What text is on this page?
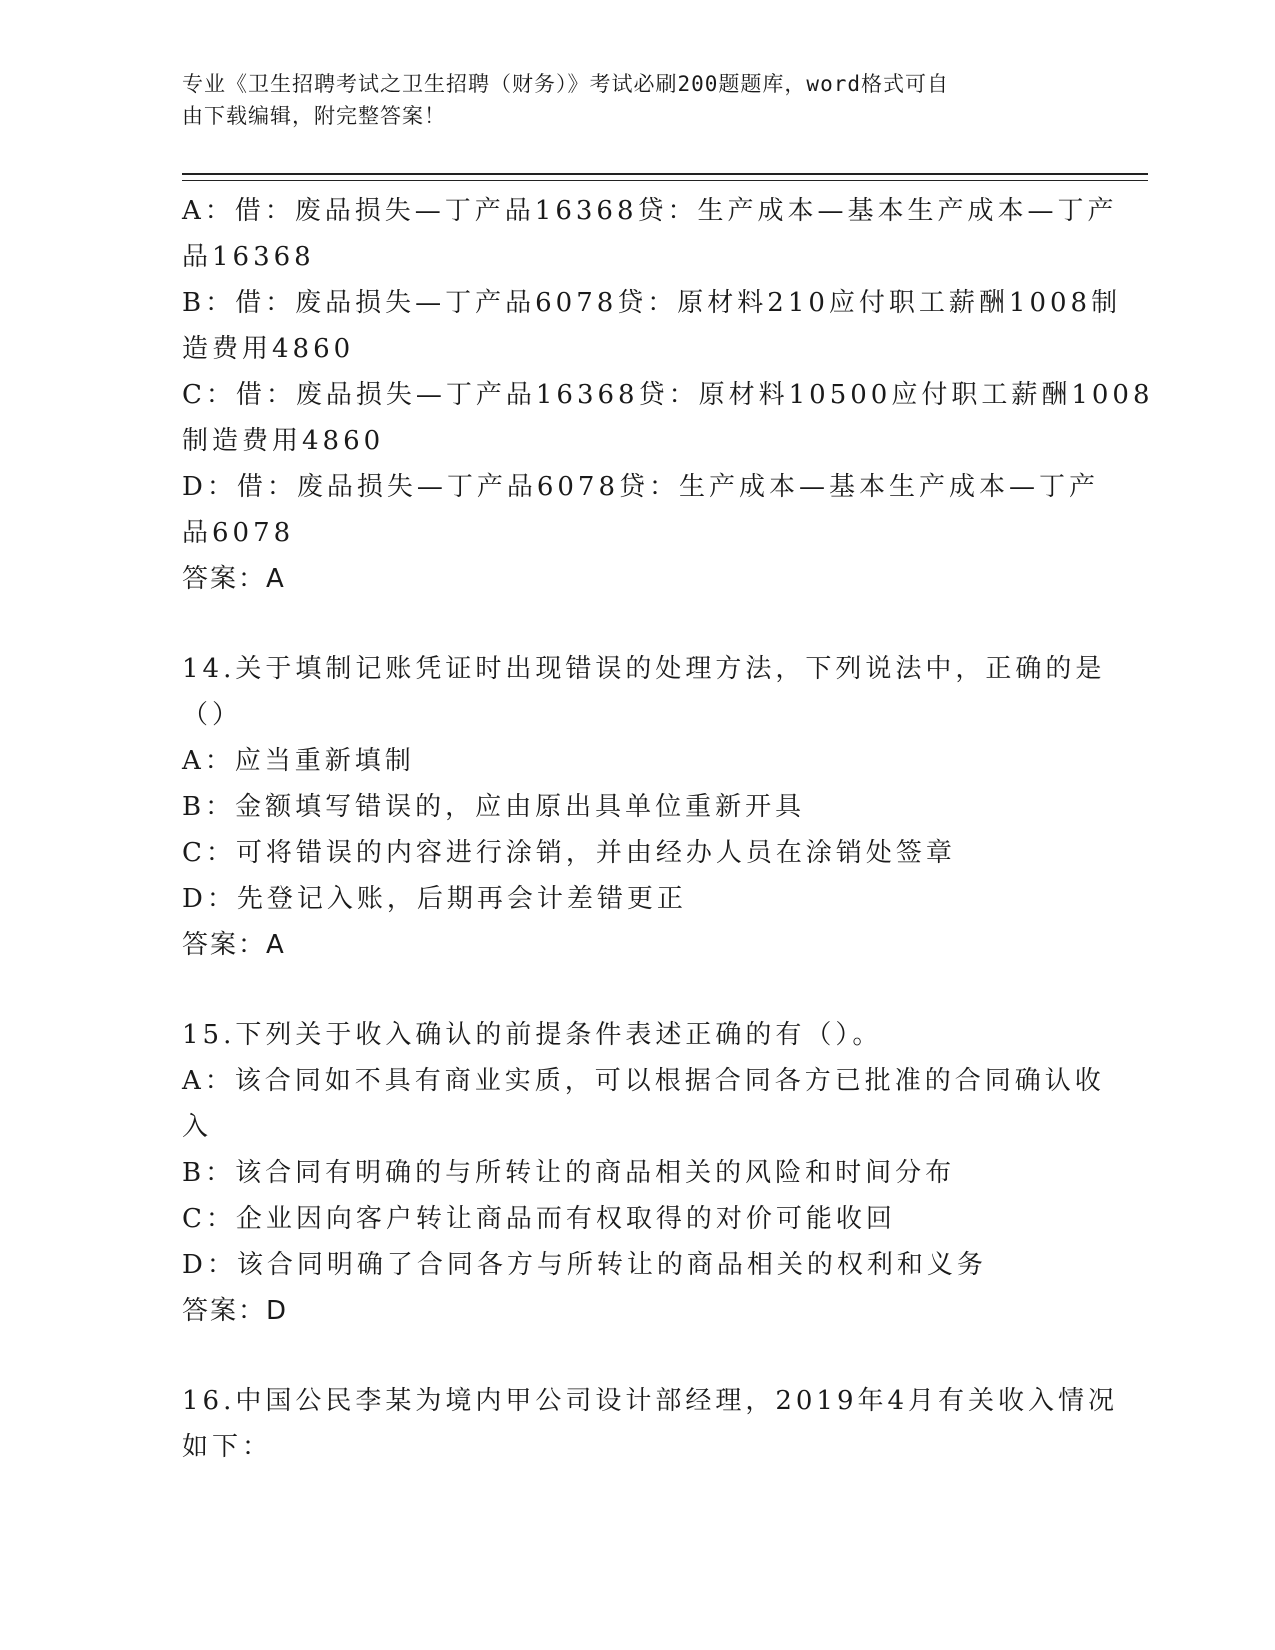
专业《卫生招聘考试之卫生招聘（财务）》考试必刷200题题库，word格式可自
由下载编辑，附完整答案！

A：借：废品损失—丁产品16368贷：生产成本—基本生产成本—丁产

品16368

B：借：废品损失—丁产品6078贷：原材料210应付职工薪酬1008制

造费用4860

C：借：废品损失—丁产品16368贷：原材料10500应付职工薪酬1008

制造费用4860

D：借：废品损失—丁产品6078贷：生产成本—基本生产成本—丁产

品6078

答案：A

14.关于填制记账凭证时出现错误的处理方法，下列说法中，正确的是

（）

A：应当重新填制

B：金额填写错误的，应由原出具单位重新开具

C：可将错误的内容进行涂销，并由经办人员在涂销处签章

D：先登记入账，后期再会计差错更正

答案：A

15.下列关于收入确认的前提条件表述正确的有（）。

A：该合同如不具有商业实质，可以根据合同各方已批准的合同确认收

入

B：该合同有明确的与所转让的商品相关的风险和时间分布

C：企业因向客户转让商品而有权取得的对价可能收回

D：该合同明确了合同各方与所转让的商品相关的权利和义务

答案：D

16.中国公民李某为境内甲公司设计部经理，2019年4月有关收入情况

如下：
